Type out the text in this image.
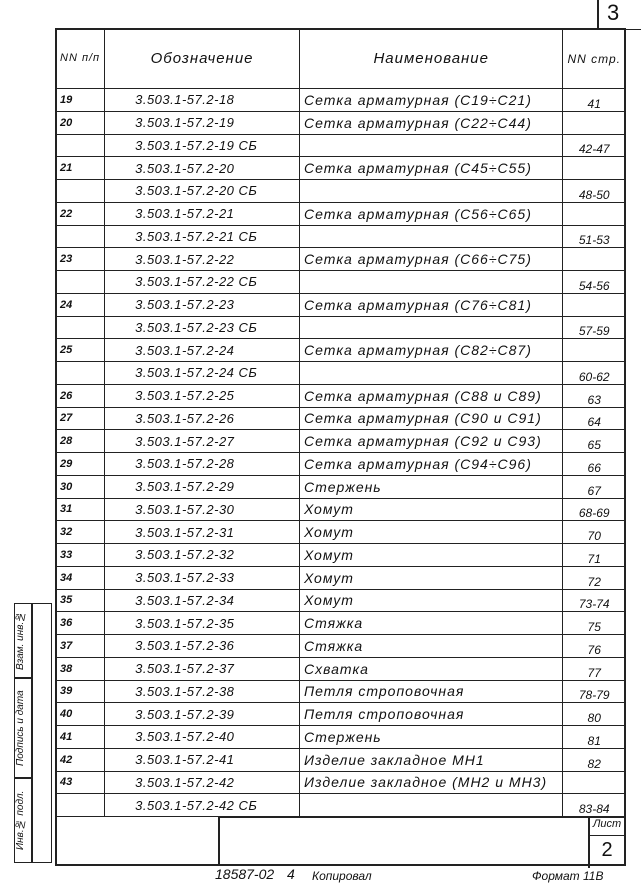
3
NN п/п	Обозначение	Наименование	NN стр.
19	3.503.1-57.2-18	Сетка арматурная (С19÷С21)	41
20	3.503.1-57.2-19	Сетка арматурная (С22÷С44)	
	3.503.1-57.2-19 СБ		42-47
21	3.503.1-57.2-20	Сетка арматурная (С45÷С55)	
	3.503.1-57.2-20 СБ		48-50
22	3.503.1-57.2-21	Сетка арматурная (С56÷С65)	
	3.503.1-57.2-21 СБ		51-53
23	3.503.1-57.2-22	Сетка арматурная (С66÷С75)	
	3.503.1-57.2-22 СБ		54-56
24	3.503.1-57.2-23	Сетка арматурная (С76÷С81)	
	3.503.1-57.2-23 СБ		57-59
25	3.503.1-57.2-24	Сетка арматурная (С82÷С87)	
	3.503.1-57.2-24 СБ		60-62
26	3.503.1-57.2-25	Сетка арматурная (С88 и С89)	63
27	3.503.1-57.2-26	Сетка арматурная (С90 и С91)	64
28	3.503.1-57.2-27	Сетка арматурная (С92 и С93)	65
29	3.503.1-57.2-28	Сетка арматурная (С94÷С96)	66
30	3.503.1-57.2-29	Стержень	67
31	3.503.1-57.2-30	Хомут	68-69
32	3.503.1-57.2-31	Хомут	70
33	3.503.1-57.2-32	Хомут	71
34	3.503.1-57.2-33	Хомут	72
35	3.503.1-57.2-34	Хомут	73-74
36	3.503.1-57.2-35	Стяжка	75
37	3.503.1-57.2-36	Стяжка	76
38	3.503.1-57.2-37	Схватка	77
39	3.503.1-57.2-38	Петля строповочная	78-79
40	3.503.1-57.2-39	Петля строповочная	80
41	3.503.1-57.2-40	Стержень	81
42	3.503.1-57.2-41	Изделие закладное МН1	82
43	3.503.1-57.2-42	Изделие закладное (МН2 и МН3)	
	3.503.1-57.2-42 СБ		83-84
Лист
2
Инв.№ подл.
Подпись и дата
Взам. инв.№
18587-02 4 Копировал	Формат 11В
